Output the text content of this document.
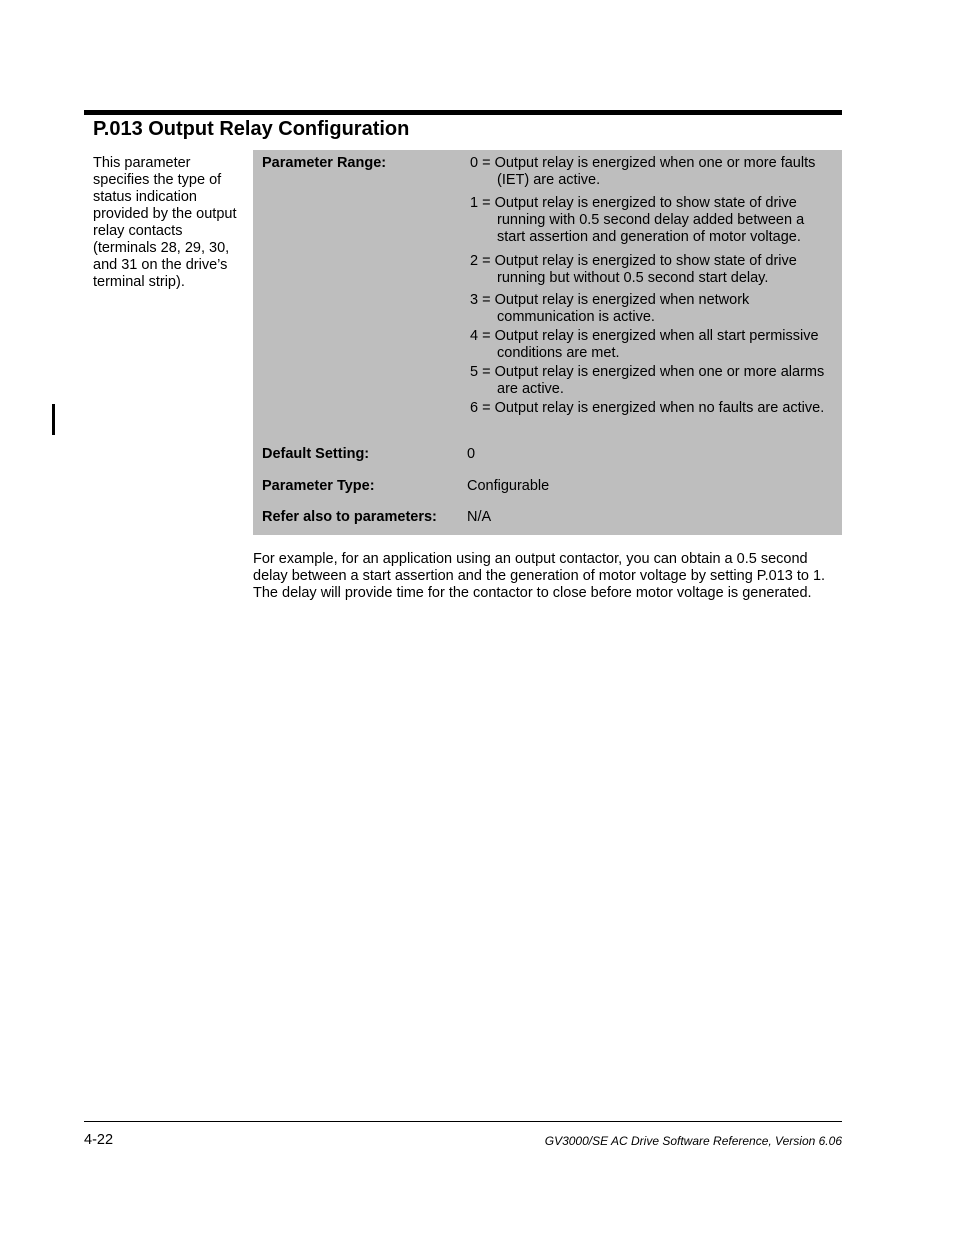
P.013 Output Relay Configuration

This parameter specifies the type of status indication provided by the output relay contacts (terminals 28, 29, 30, and 31 on the drive’s terminal strip).

Parameter Range:	0 = Output relay is energized when one or more faults (IET) are active.
1 = Output relay is energized to show state of drive running with 0.5 second delay added between a start assertion and generation of motor voltage.
2 = Output relay is energized to show state of drive running but without 0.5 second start delay.
3 = Output relay is energized when network communication is active.
4 = Output relay is energized when all start permissive conditions are met.
5 = Output relay is energized when one or more alarms are active.
6 = Output relay is energized when no faults are active.
Default Setting:	0
Parameter Type:	Configurable
Refer also to parameters: N/A

For example, for an application using an output contactor, you can obtain a 0.5 second delay between a start assertion and the generation of motor voltage by setting P.013 to 1. The delay will provide time for the contactor to close before motor voltage is generated.

4-22	GV3000/SE AC Drive Software Reference, Version 6.06
